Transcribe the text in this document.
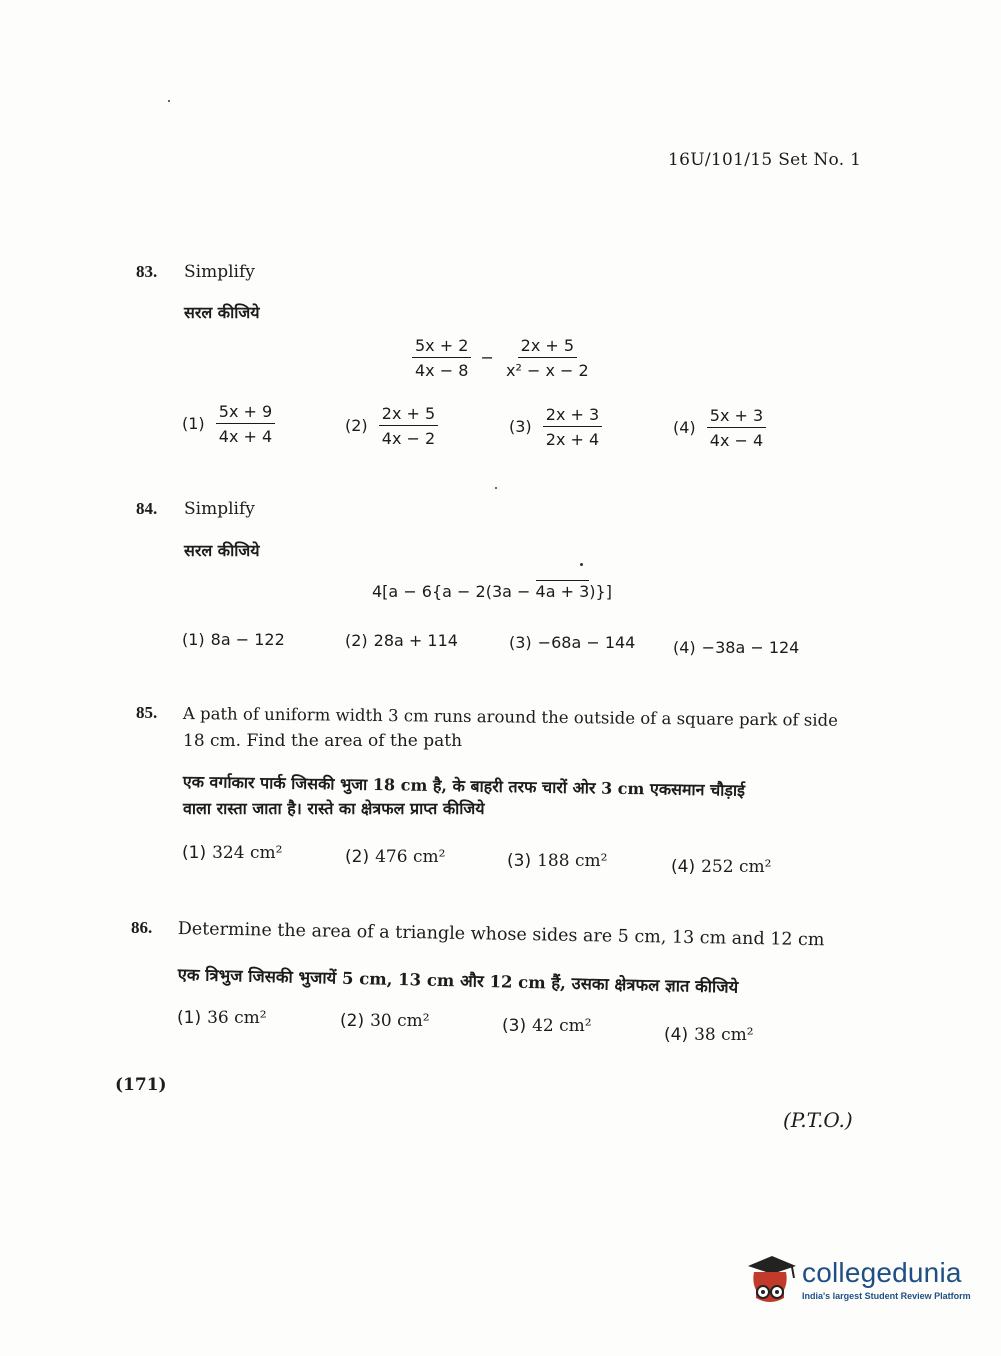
16U/101/15 Set No. 1
83. Simplify
सरल कीजिये
$\frac{5x + 2}{4x - 8} - \frac{2x + 5}{\text{x² − x − 2}}$
$(1) \frac{5x + 9}{4x + 4}$	$(2) \frac{2x + 5}{4x - 2}$	$(3) \frac{2x + 3}{2x + 4}$	$(4) \frac{5x + 3}{4x - 4}$
84. Simplify
सरल कीजिये
4[a − 6{a − 2(3a − 4a + 3)}]
(1) 8a − 122	(2) 28a + 114	(3) −68a − 144 (4) −38a − 124
85. A path of uniform width 3 cm runs around the outside of a square park of side
18 cm. Find the area of the path
एक वर्गाकार पार्क जिसकी भुजा 18 cm है, के बाहरी तरफ चारों ओर 3 cm एकसमान चौड़ाई
वाला रास्ता जाता है। रास्ते का क्षेत्रफल प्राप्त कीजिये
(1) 324 cm²	(2) 476 cm²	(3) 188 cm²	(4) 252 cm²
86. Determine the area of a triangle whose sides are 5 cm, 13 cm and 12 cm
एक त्रिभुज जिसकी भुजायें 5 cm, 13 cm और 12 cm हैं, उसका क्षेत्रफल ज्ञात कीजिये
(1) 36 cm²	(2) 30 cm²	(3) 42 cm²	(4) 38 cm²
(171)
(P.T.O.)
collegedunia
India's largest Student Review Platform
